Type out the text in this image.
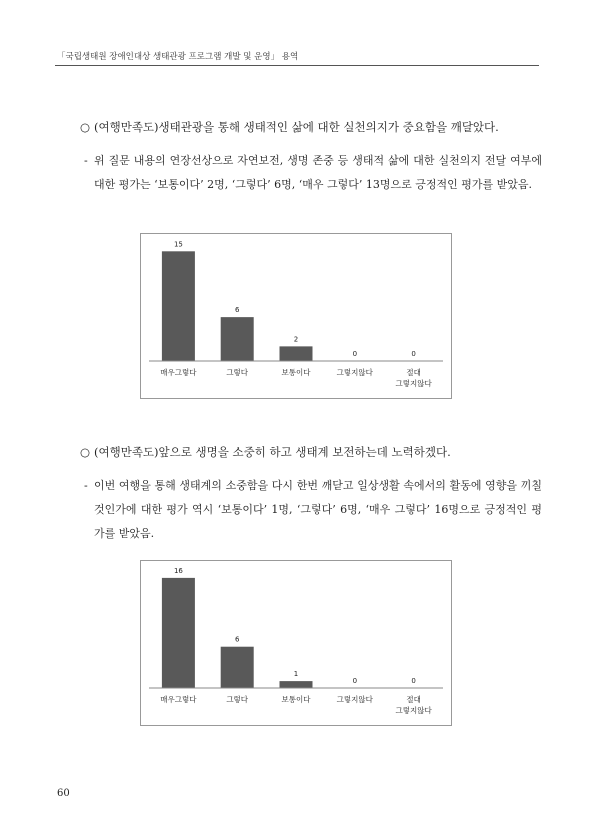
「국립생태원 장애인대상 생태관광 프로그램 개발 및 운영」 용역
○ (여행만족도)생태관광을 통해 생태적인 삶에 대한 실천의지가 중요함을 깨달았다.
- 위 질문 내용의 연장선상으로 자연보전, 생명 존중 등 생태적 삶에 대한 실천의지 전달 여부에 대한 평가는 ‘보통이다’ 2명, ‘그렇다’ 6명, ‘매우 그렇다’ 13명으로 긍정적인 평가를 받았음.
15
매우그렇다
6
그렇다
2
보통이다
0
그렇지않다
0
절대
그렇지않다
○ (여행만족도)앞으로 생명을 소중히 하고 생태계 보전하는데 노력하겠다.
- 이번 여행을 통해 생태계의 소중함을 다시 한번 깨닫고 일상생활 속에서의 활동에 영향을 끼칠 것인가에 대한 평가 역시 ‘보통이다’ 1명, ‘그렇다’ 6명, ‘매우 그렇다’ 16명으로 긍정적인 평가를 받았음.
16
매우그렇다
6
그렇다
1
보통이다
0
그렇지않다
0
절대
그렇지않다
60
